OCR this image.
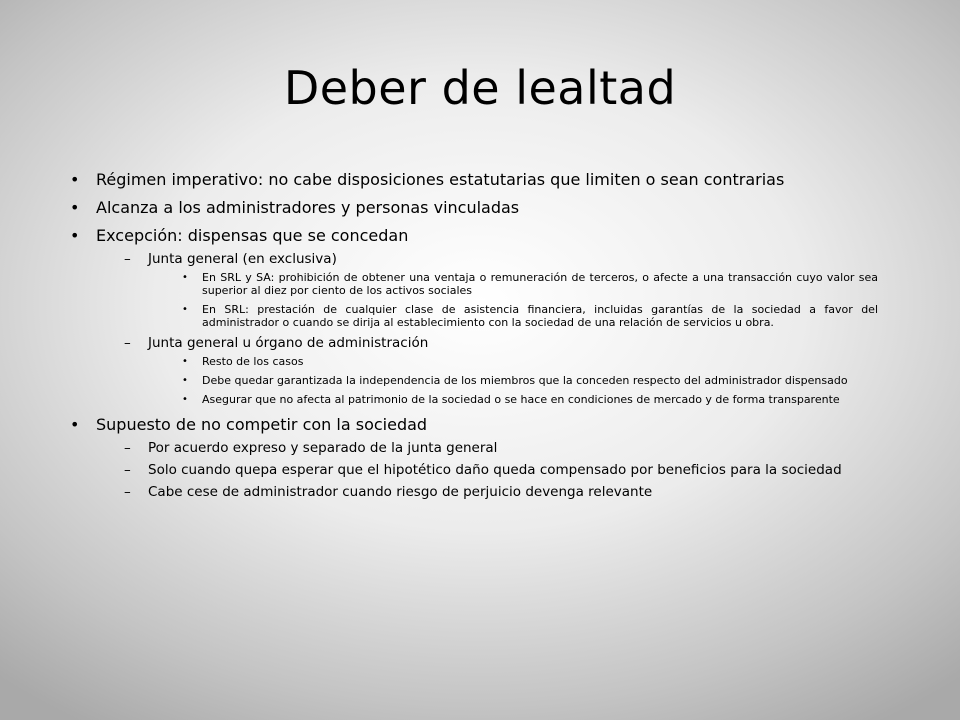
Deber de lealtad
• Régimen imperativo: no cabe disposiciones estatutarias que limiten o sean contrarias
• Alcanza a los administradores y personas vinculadas
• Excepción: dispensas que se concedan
– Junta general (en exclusiva)
• En SRL y SA: prohibición de obtener una ventaja o remuneración de terceros, o afecte a una transacción cuyo valor sea superior al diez por ciento de los activos sociales
• En SRL: prestación de cualquier clase de asistencia financiera, incluidas garantías de la sociedad a favor del administrador o cuando se dirija al establecimiento con la sociedad de una relación de servicios u obra.
– Junta general u órgano de administración
• Resto de los casos
• Debe quedar garantizada la independencia de los miembros que la conceden respecto del administrador dispensado
• Asegurar que no afecta al patrimonio de la sociedad o se hace en condiciones de mercado y de forma transparente
• Supuesto de no competir con la sociedad
– Por acuerdo expreso y separado de la junta general
– Solo cuando quepa esperar que el hipotético daño queda compensado por beneficios para la sociedad
– Cabe cese de administrador cuando riesgo de perjuicio devenga relevante
